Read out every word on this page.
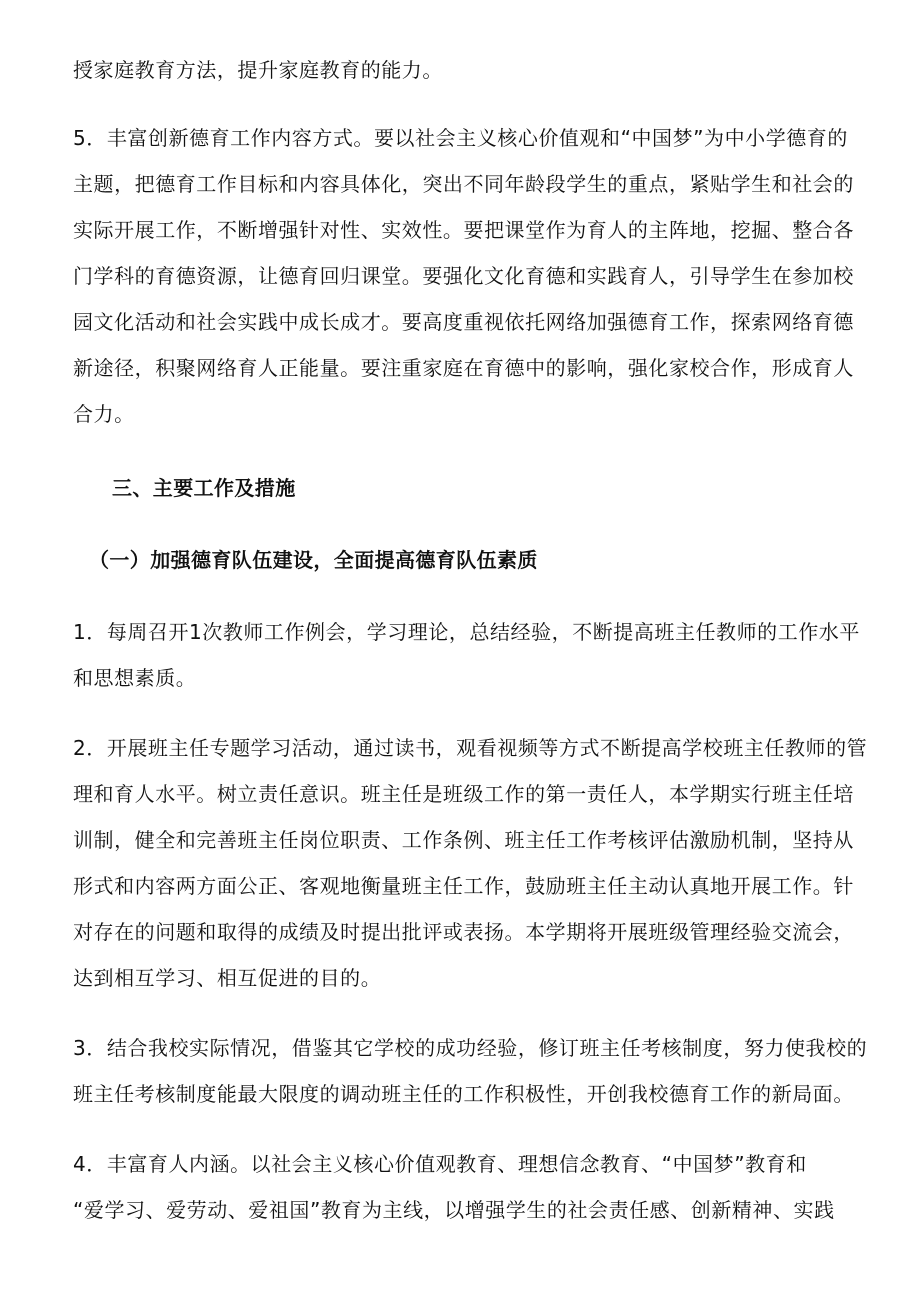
授家庭教育方法，提升家庭教育的能力。
5．丰富创新德育工作内容方式。要以社会主义核心价值观和“中国梦”为中小学德育的
主题，把德育工作目标和内容具体化，突出不同年龄段学生的重点，紧贴学生和社会的
实际开展工作，不断增强针对性、实效性。要把课堂作为育人的主阵地，挖掘、整合各
门学科的育德资源，让德育回归课堂。要强化文化育德和实践育人，引导学生在参加校
园文化活动和社会实践中成长成才。要高度重视依托网络加强德育工作，探索网络育德
新途径，积聚网络育人正能量。要注重家庭在育德中的影响，强化家校合作，形成育人
合力。
三、主要工作及措施
（一）加强德育队伍建设，全面提高德育队伍素质
1．每周召开1次教师工作例会，学习理论，总结经验，不断提高班主任教师的工作水平
和思想素质。
2．开展班主任专题学习活动，通过读书，观看视频等方式不断提高学校班主任教师的管
理和育人水平。树立责任意识。班主任是班级工作的第一责任人，本学期实行班主任培
训制，健全和完善班主任岗位职责、工作条例、班主任工作考核评估激励机制，坚持从
形式和内容两方面公正、客观地衡量班主任工作，鼓励班主任主动认真地开展工作。针
对存在的问题和取得的成绩及时提出批评或表扬。本学期将开展班级管理经验交流会，
达到相互学习、相互促进的目的。
3．结合我校实际情况，借鉴其它学校的成功经验，修订班主任考核制度，努力使我校的
班主任考核制度能最大限度的调动班主任的工作积极性，开创我校德育工作的新局面。
4．丰富育人内涵。以社会主义核心价值观教育、理想信念教育、“中国梦”教育和
“爱学习、爱劳动、爱祖国”教育为主线，以增强学生的社会责任感、创新精神、实践
